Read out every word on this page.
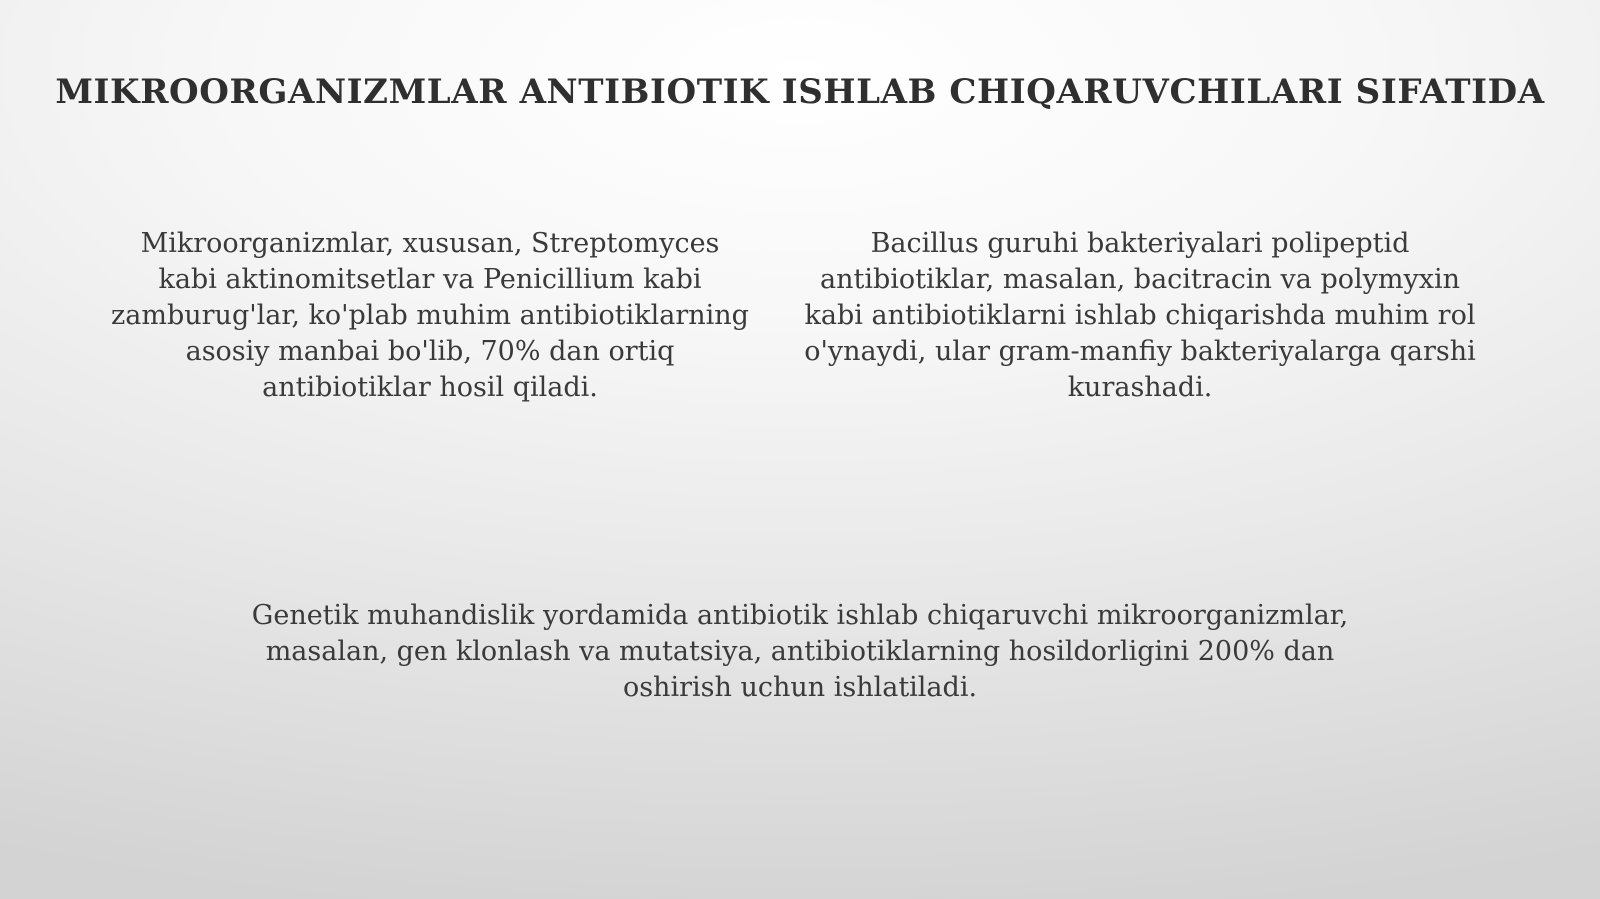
MIKROORGANIZMLAR ANTIBIOTIK ISHLAB CHIQARUVCHILARI SIFATIDA

Mikroorganizmlar, xususan, Streptomyces kabi aktinomitsetlar va Penicillium kabi zamburug'lar, ko'plab muhim antibiotiklarning asosiy manbai bo'lib, 70% dan ortiq antibiotiklar hosil qiladi.

Bacillus guruhi bakteriyalari polipeptid antibiotiklar, masalan, bacitracin va polymyxin kabi antibiotiklarni ishlab chiqarishda muhim rol o'ynaydi, ular gram-manfiy bakteriyalarga qarshi kurashadi.

Genetik muhandislik yordamida antibiotik ishlab chiqaruvchi mikroorganizmlar, masalan, gen klonlash va mutatsiya, antibiotiklarning hosildorligini 200% dan oshirish uchun ishlatiladi.
